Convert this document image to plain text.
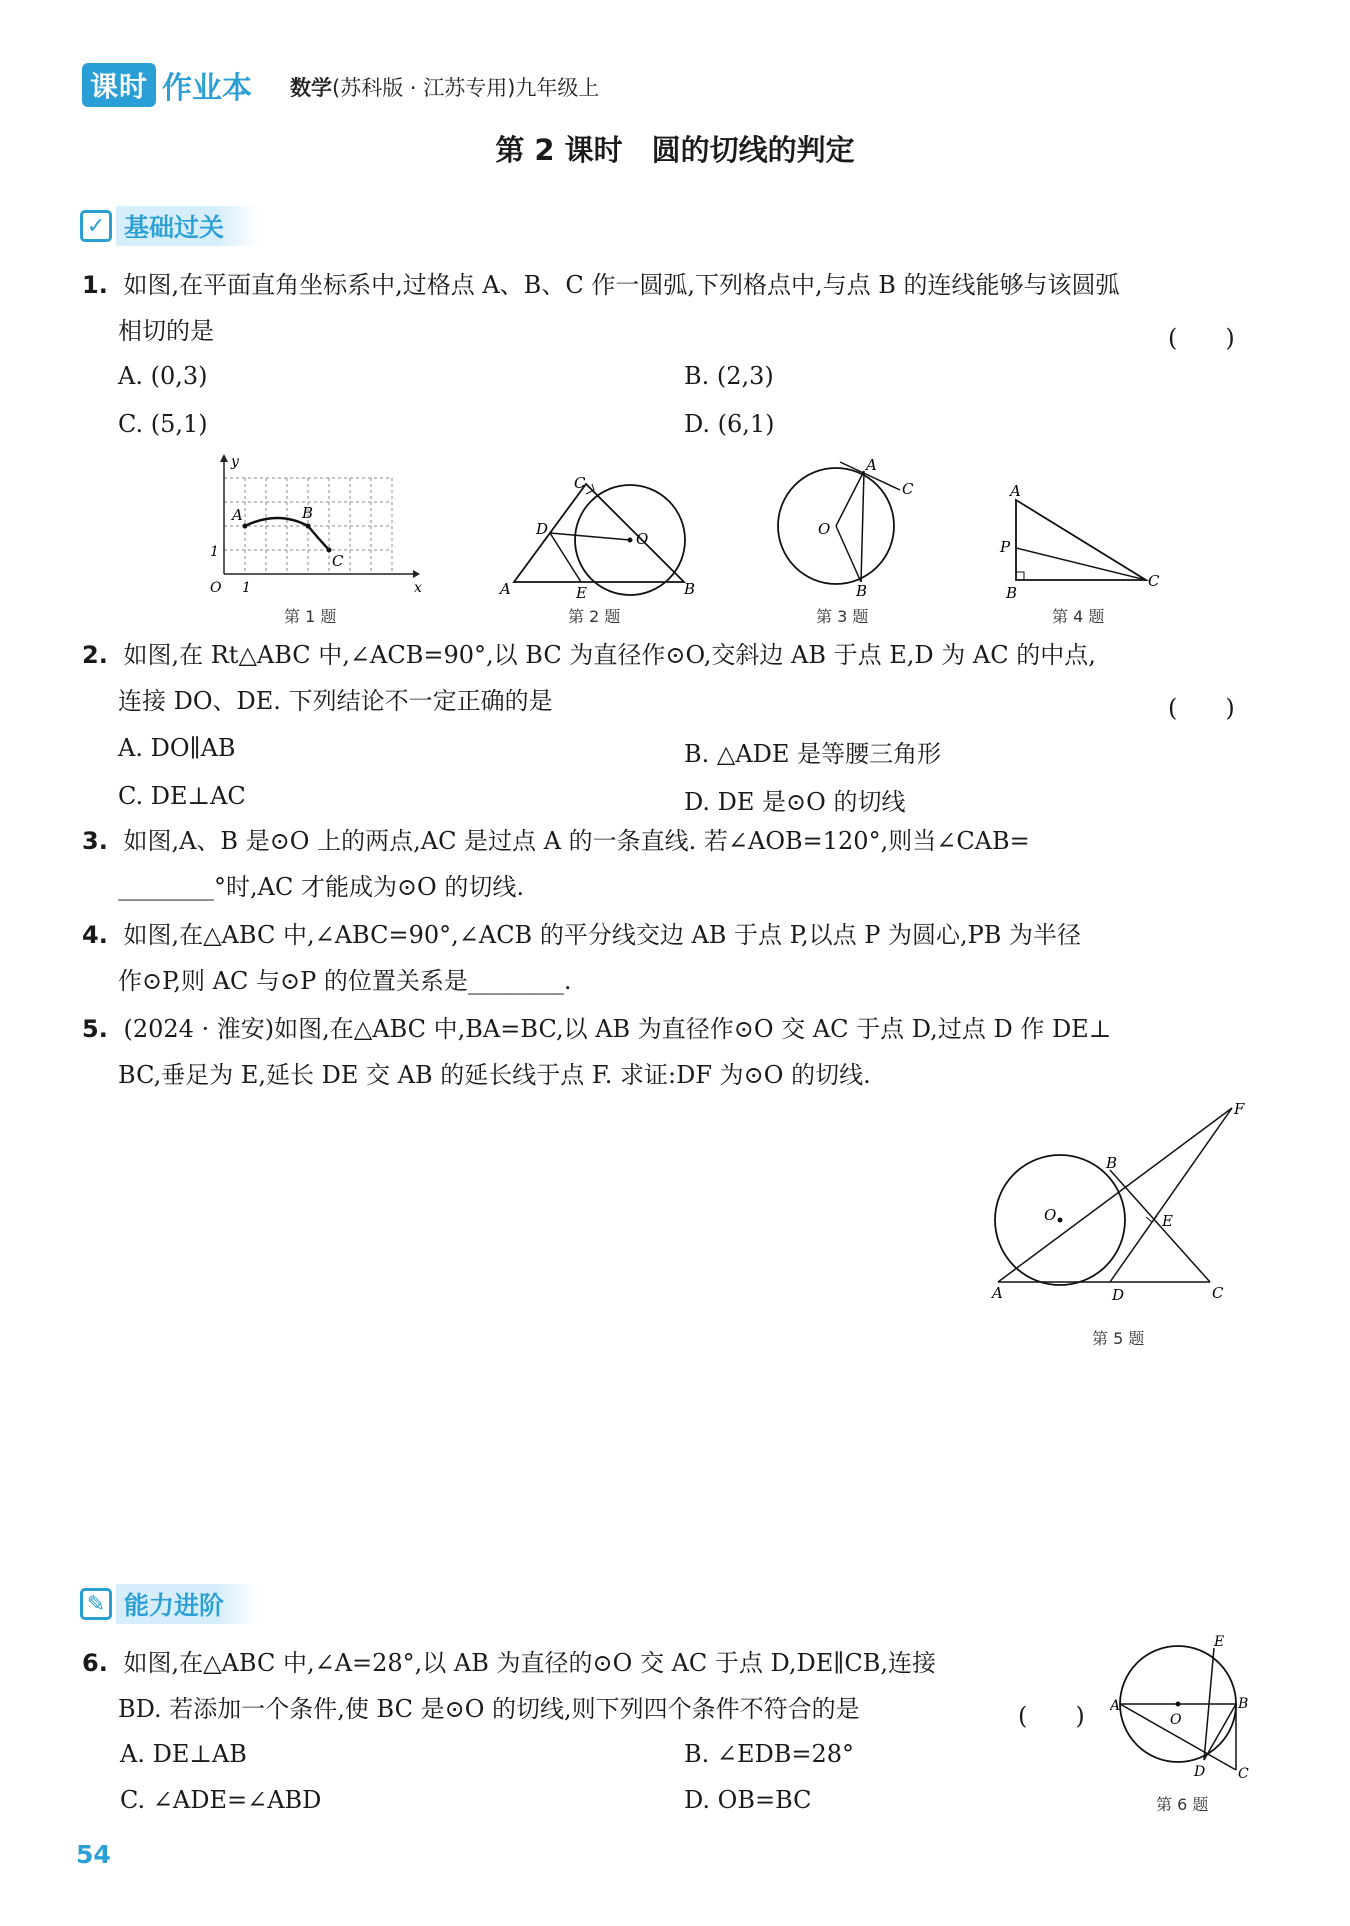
课时 作业本 数学(苏科版 · 江苏专用)九年级上
第 2 课时　圆的切线的判定
✓ 基础过关
1. 如图,在平面直角坐标系中,过格点 A、B、C 作一圆弧,下列格点中,与点 B 的连线能够与该圆弧
相切的是	(　　)
A. (0,3)	B. (2,3)
C. (5,1)	D. (6,1)
y
x
O 1
1
A	B
C
第 1 题
A	B
C
D
E
O
第 2 题
A
B
C
O
第 3 题
A
B
C
P
第 4 题
2. 如图,在 Rt△ABC 中,∠ACB=90°,以 BC 为直径作⊙O,交斜边 AB 于点 E,D 为 AC 的中点,
连接 DO、DE. 下列结论不一定正确的是	(　　)
A. DO∥AB	B. △ADE 是等腰三角形
C. DE⊥AC	D. DE 是⊙O 的切线
3. 如图,A、B 是⊙O 上的两点,AC 是过点 A 的一条直线. 若∠AOB=120°,则当∠CAB=
________°时,AC 才能成为⊙O 的切线.
4. 如图,在△ABC 中,∠ABC=90°,∠ACB 的平分线交边 AB 于点 P,以点 P 为圆心,PB 为半径
作⊙P,则 AC 与⊙P 的位置关系是________.
5. (2024 · 淮安)如图,在△ABC 中,BA=BC,以 AB 为直径作⊙O 交 AC 于点 D,过点 D 作 DE⊥
BC,垂足为 E,延长 DE 交 AB 的延长线于点 F. 求证:DF 为⊙O 的切线.
A
B
C
D
E
F
O
第 5 题
✎ 能力进阶
6. 如图,在△ABC 中,∠A=28°,以 AB 为直径的⊙O 交 AC 于点 D,DE∥CB,连接
BD. 若添加一个条件,使 BC 是⊙O 的切线,则下列四个条件不符合的是	(　　)
A. DE⊥AB	B. ∠EDB=28°
C. ∠ADE=∠ABD	D. OB=BC
A	B
C
D
E
O
第 6 题
54
